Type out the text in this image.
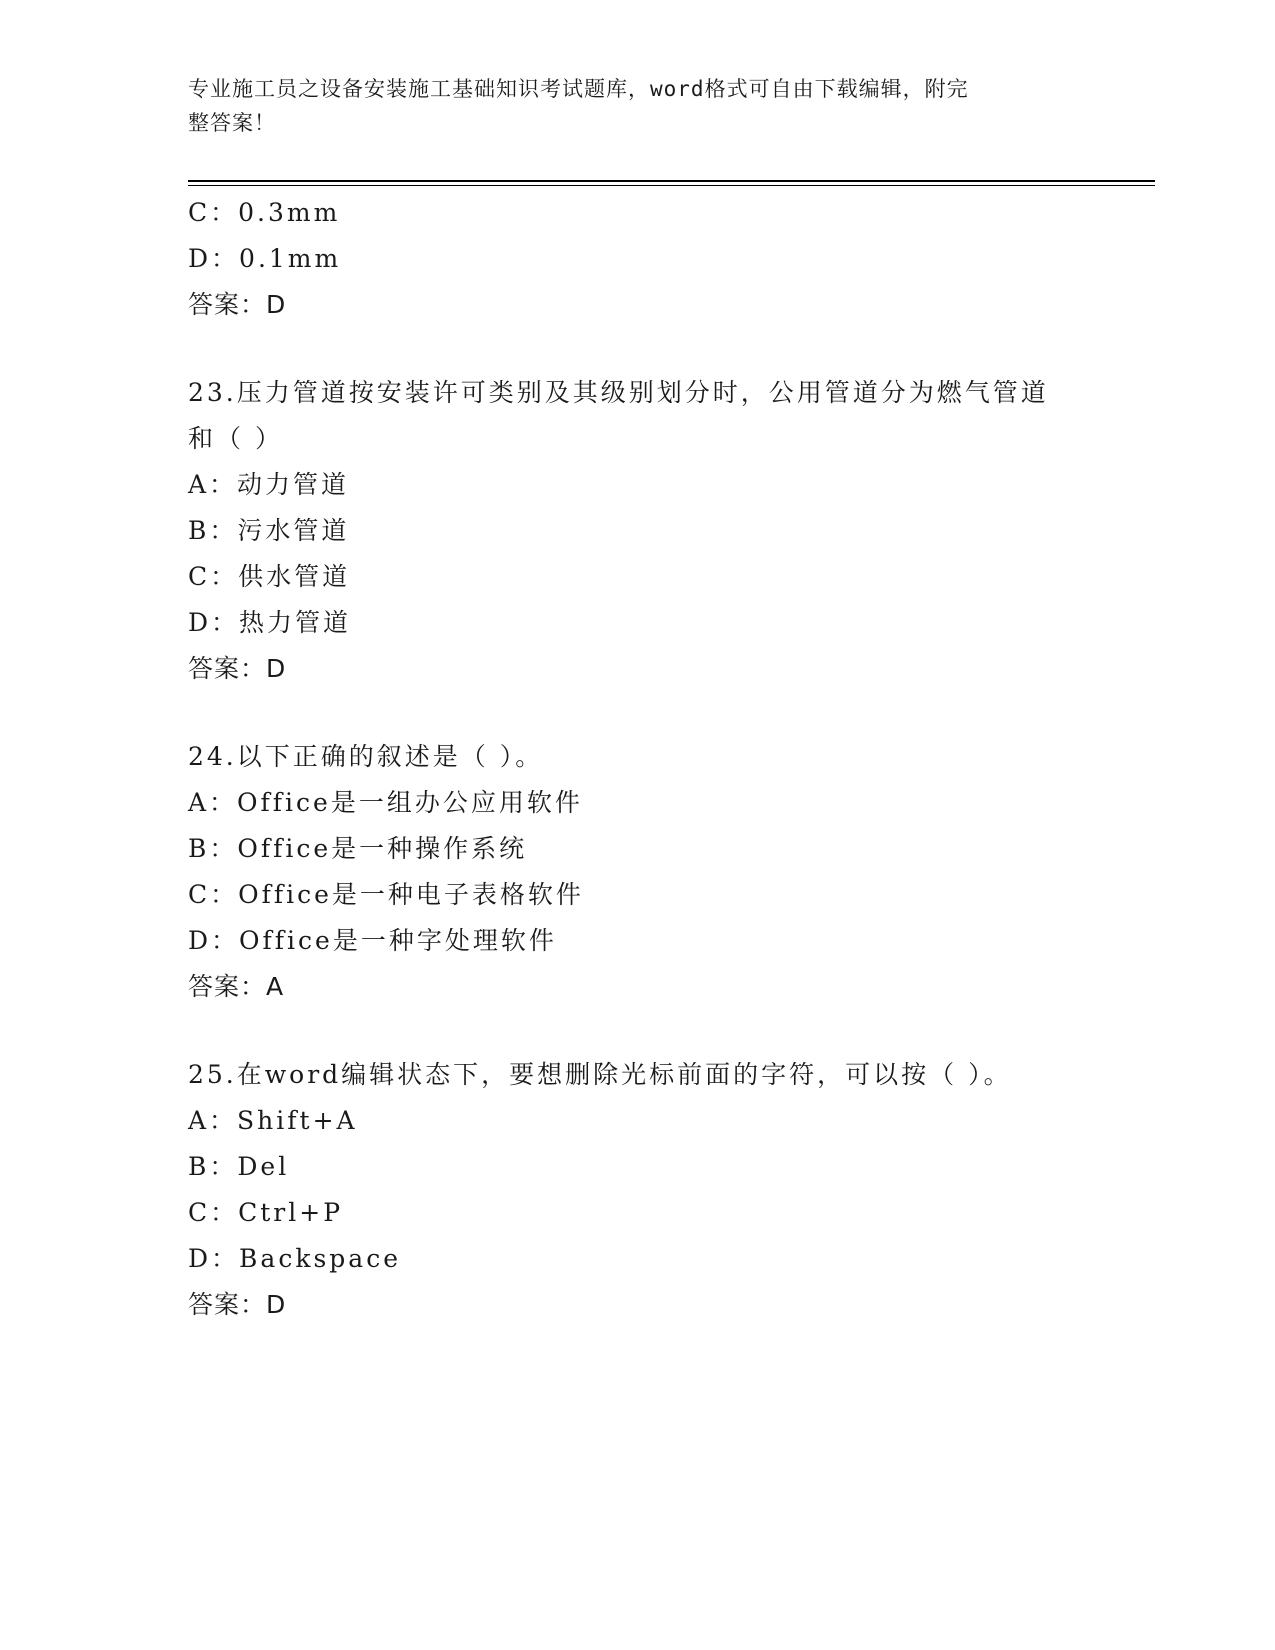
专业施工员之设备安装施工基础知识考试题库，word格式可自由下载编辑，附完
整答案！
C：0.3mm
D：0.1mm
答案：D
23.压力管道按安装许可类别及其级别划分时，公用管道分为燃气管道
和（ ）
A：动力管道
B：污水管道
C：供水管道
D：热力管道
答案：D
24.以下正确的叙述是（ ）。
A：Office是一组办公应用软件
B：Office是一种操作系统
C：Office是一种电子表格软件
D：Office是一种字处理软件
答案：A
25.在word编辑状态下，要想删除光标前面的字符，可以按（ ）。
A：Shift+A
B：Del
C：Ctrl+P
D：Backspace
答案：D
